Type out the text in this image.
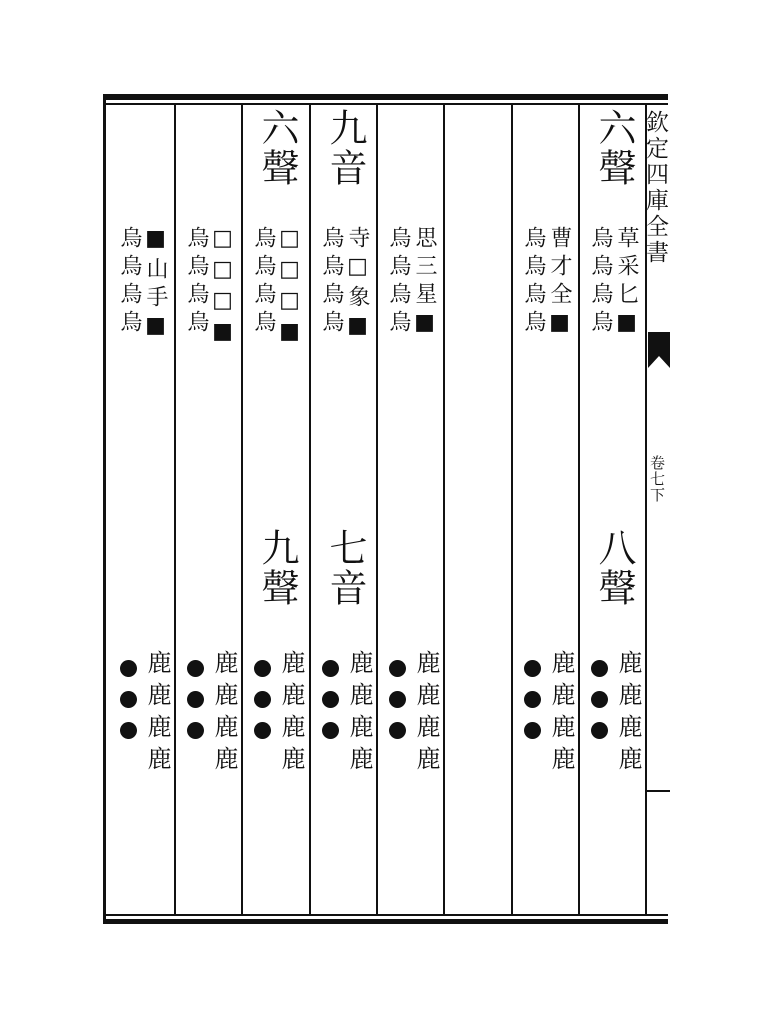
欽定四庫全書
卷七下
六聲
草采匕■
烏烏烏烏
八聲
鹿鹿鹿鹿
曹才全■
烏烏烏烏
鹿鹿鹿鹿
思三星■
烏烏烏烏
鹿鹿鹿鹿
九音
寺□象■
烏烏烏烏
七音
鹿鹿鹿鹿
六聲
□□□■
烏烏烏烏
九聲
鹿鹿鹿鹿
□□□■
烏烏烏烏
鹿鹿鹿鹿
■山手■
烏烏烏烏
鹿鹿鹿鹿
